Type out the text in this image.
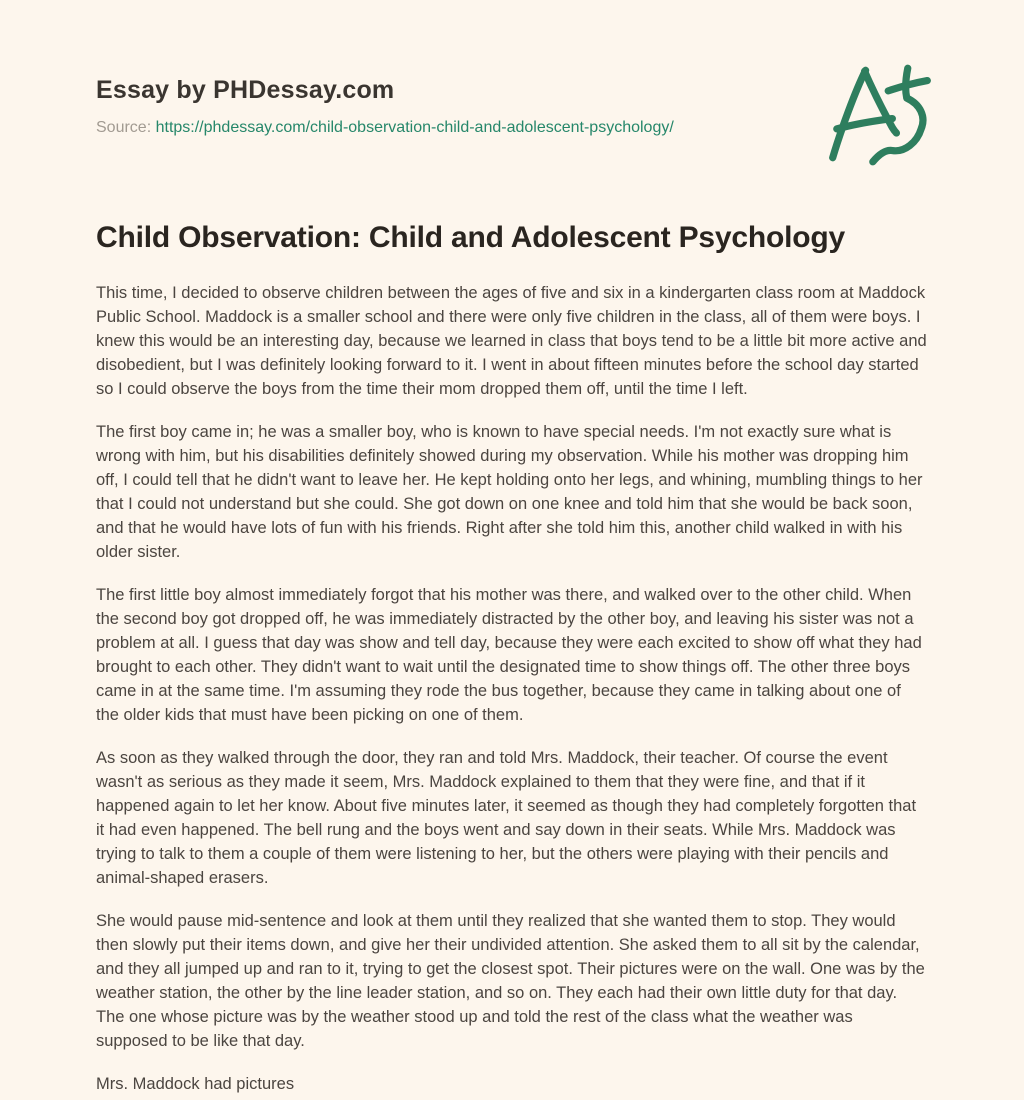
Essay by PHDessay.com
Source: https://phdessay.com/child-observation-child-and-adolescent-psychology/
Child Observation: Child and Adolescent Psychology

This time, I decided to observe children between the ages of five and six in a kindergarten class room at Maddock Public School. Maddock is a smaller school and there were only five children in the class, all of them were boys. I knew this would be an interesting day, because we learned in class that boys tend to be a little bit more active and disobedient, but I was definitely looking forward to it. I went in about fifteen minutes before the school day started so I could observe the boys from the time their mom dropped them off, until the time I left.

The first boy came in; he was a smaller boy, who is known to have special needs. I'm not exactly sure what is wrong with him, but his disabilities definitely showed during my observation. While his mother was dropping him off, I could tell that he didn't want to leave her. He kept holding onto her legs, and whining, mumbling things to her that I could not understand but she could. She got down on one knee and told him that she would be back soon, and that he would have lots of fun with his friends. Right after she told him this, another child walked in with his older sister.

The first little boy almost immediately forgot that his mother was there, and walked over to the other child. When the second boy got dropped off, he was immediately distracted by the other boy, and leaving his sister was not a problem at all. I guess that day was show and tell day, because they were each excited to show off what they had brought to each other. They didn't want to wait until the designated time to show things off. The other three boys came in at the same time. I'm assuming they rode the bus together, because they came in talking about one of the older kids that must have been picking on one of them.

As soon as they walked through the door, they ran and told Mrs. Maddock, their teacher. Of course the event wasn't as serious as they made it seem, Mrs. Maddock explained to them that they were fine, and that if it happened again to let her know. About five minutes later, it seemed as though they had completely forgotten that it had even happened. The bell rung and the boys went and say down in their seats. While Mrs. Maddock was trying to talk to them a couple of them were listening to her, but the others were playing with their pencils and animal-shaped erasers.

She would pause mid-sentence and look at them until they realized that she wanted them to stop. They would then slowly put their items down, and give her their undivided attention. She asked them to all sit by the calendar, and they all jumped up and ran to it, trying to get the closest spot. Their pictures were on the wall. One was by the weather station, the other by the line leader station, and so on. They each had their own little duty for that day. The one whose picture was by the weather stood up and told the rest of the class what the weather was supposed to be like that day.

Mrs. Maddock had pictures
